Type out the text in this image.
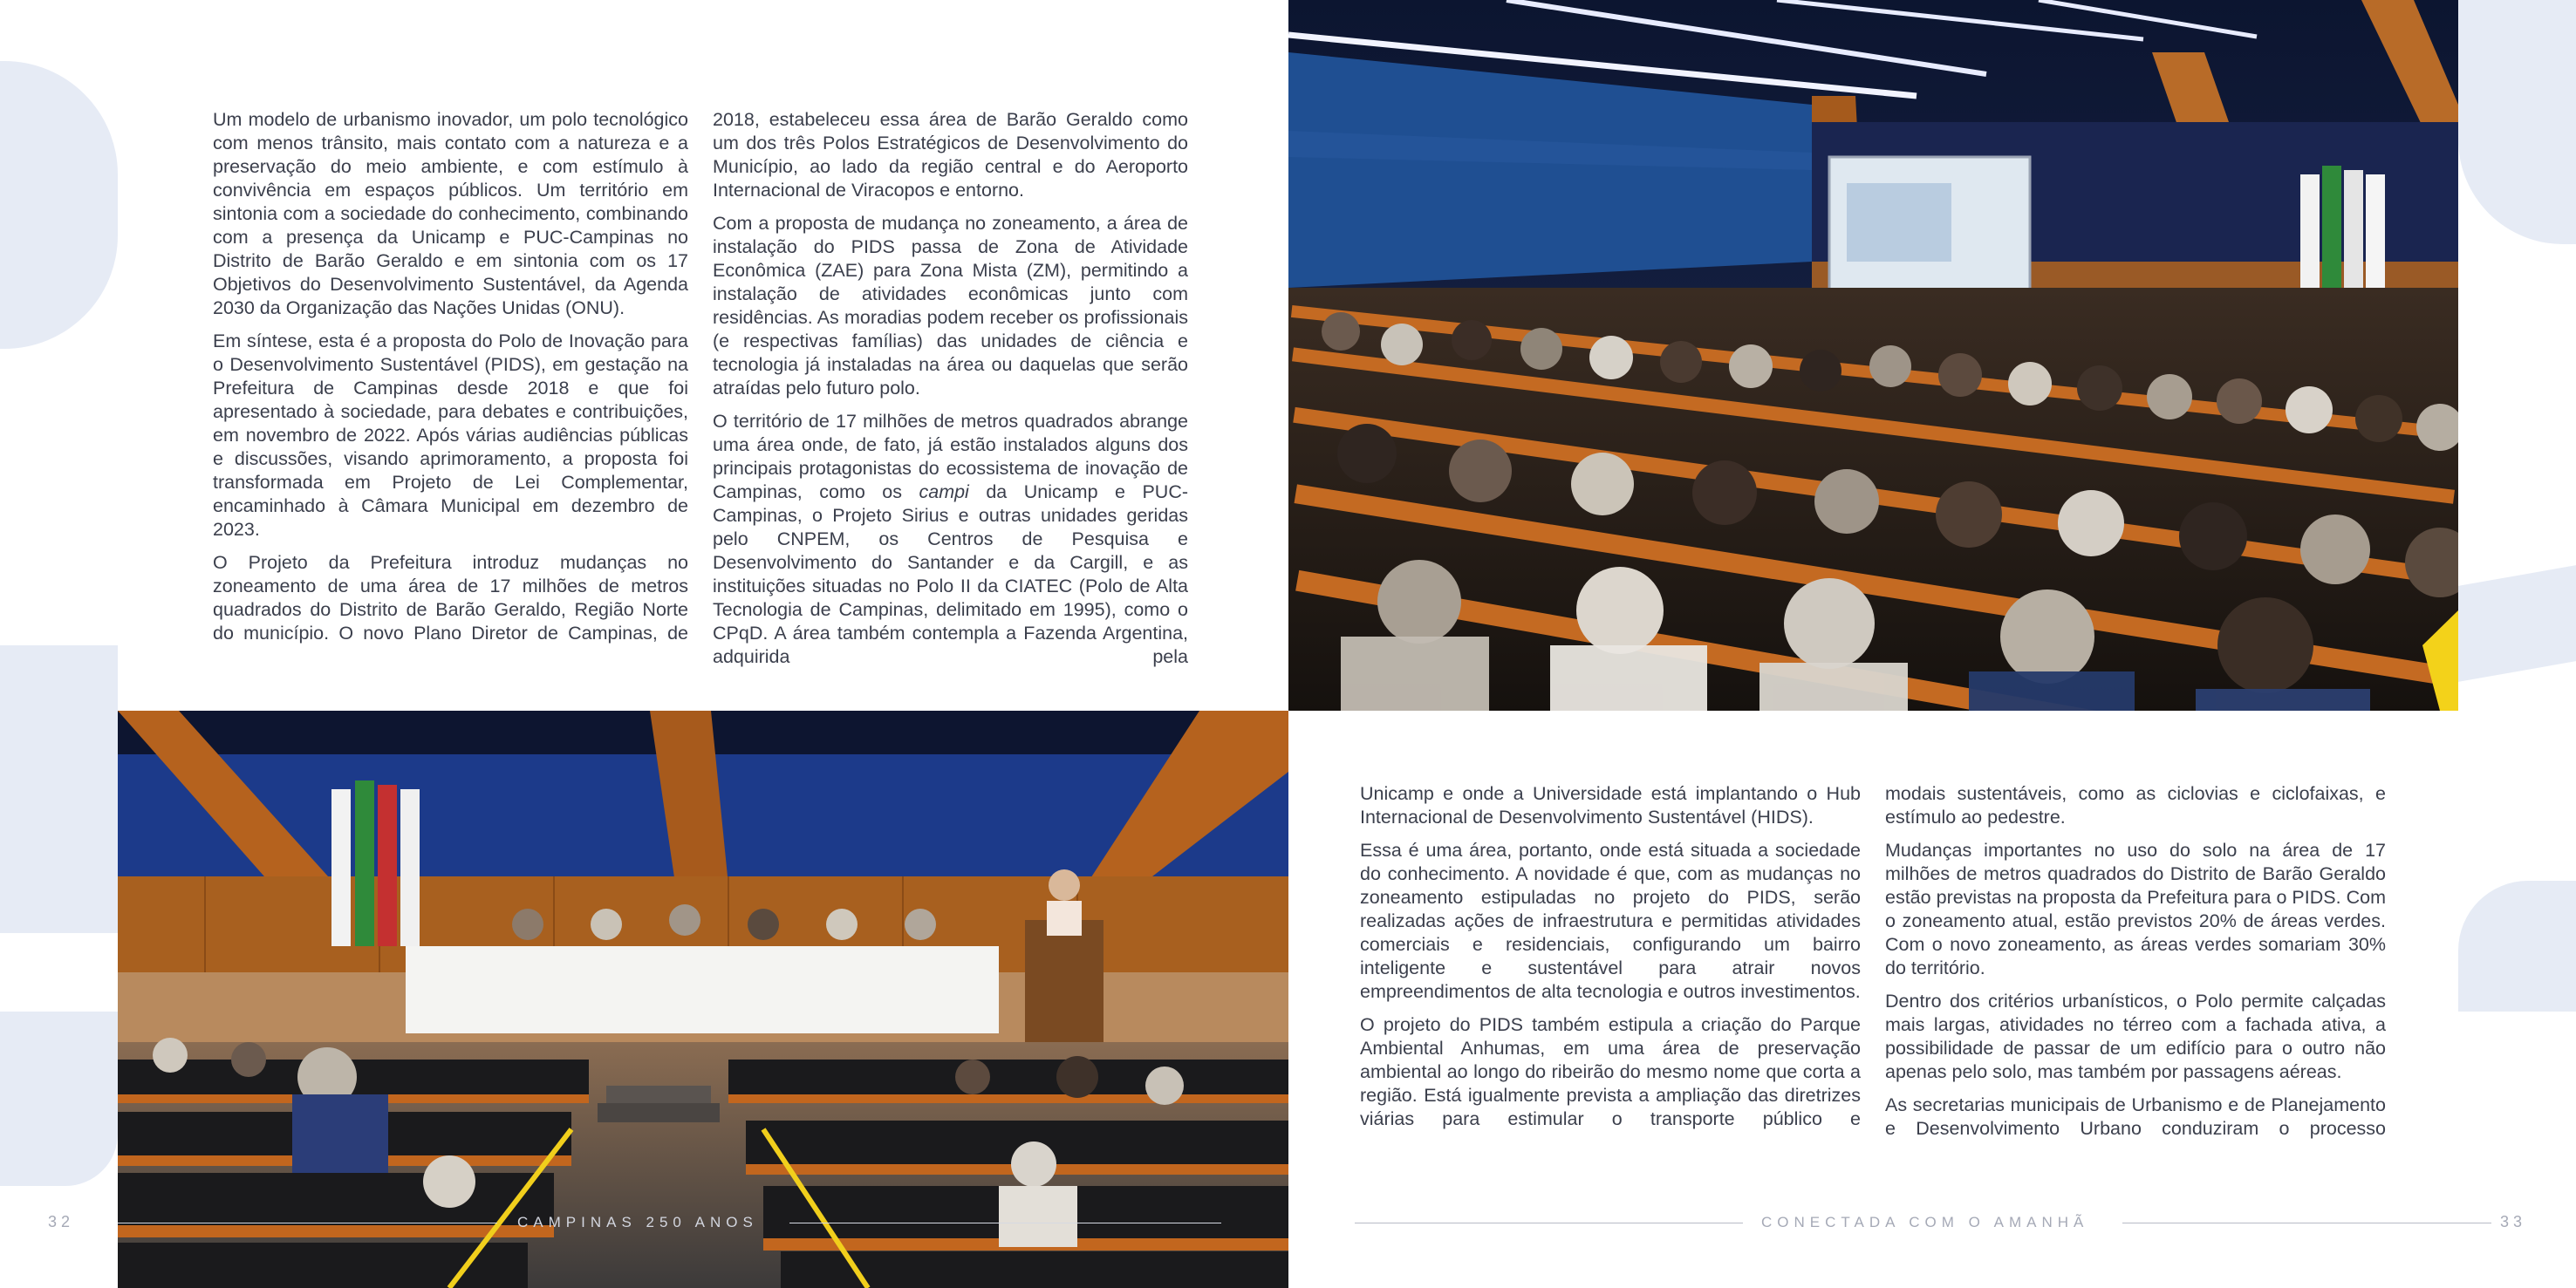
Um modelo de urbanismo inovador, um polo tecnológico com menos trânsito, mais contato com a natureza e a preservação do meio ambiente, e com estímulo à convivência em espaços públicos. Um território em sintonia com a sociedade do conhecimento, combinando com a presença da Unicamp e PUC-Campinas no Distrito de Barão Geraldo e em sintonia com os 17 Objetivos do Desenvolvimento Sustentável, da Agenda 2030 da Organização das Nações Unidas (ONU).

Em síntese, esta é a proposta do Polo de Inovação para o Desenvolvimento Sustentável (PIDS), em gestação na Prefeitura de Campinas desde 2018 e que foi apresentado à sociedade, para debates e contribuições, em novembro de 2022. Após várias audiências públicas e discussões, visando aprimoramento, a proposta foi transformada em Projeto de Lei Complementar, encaminhado à Câmara Municipal em dezembro de 2023.

O Projeto da Prefeitura introduz mudanças no zoneamento de uma área de 17 milhões de metros quadrados do Distrito de Barão Geraldo, Região Norte do município. O novo Plano Diretor de Campinas, de

2018, estabeleceu essa área de Barão Geraldo como um dos três Polos Estratégicos de Desenvolvimento do Município, ao lado da região central e do Aeroporto Internacional de Viracopos e entorno.

Com a proposta de mudança no zoneamento, a área de instalação do PIDS passa de Zona de Atividade Econômica (ZAE) para Zona Mista (ZM), permitindo a instalação de atividades econômicas junto com residências. As moradias podem receber os profissionais (e respectivas famílias) das unidades de ciência e tecnologia já instaladas na área ou daquelas que serão atraídas pelo futuro polo.

O território de 17 milhões de metros quadrados abrange uma área onde, de fato, já estão instalados alguns dos principais protagonistas do ecossistema de inovação de Campinas, como os campi da Unicamp e PUC-Campinas, o Projeto Sirius e outras unidades geridas pelo CNPEM, os Centros de Pesquisa e Desenvolvimento do Santander e da Cargill, e as instituições situadas no Polo II da CIATEC (Polo de Alta Tecnologia de Campinas, delimitado em 1995), como o CPqD. A área também contempla a Fazenda Argentina, adquirida pela

Unicamp e onde a Universidade está implantando o Hub Internacional de Desenvolvimento Sustentável (HIDS).

Essa é uma área, portanto, onde está situada a sociedade do conhecimento. A novidade é que, com as mudanças no zoneamento estipuladas no projeto do PIDS, serão realizadas ações de infraestrutura e permitidas atividades comerciais e residenciais, configurando um bairro inteligente e sustentável para atrair novos empreendimentos de alta tecnologia e outros investimentos.

O projeto do PIDS também estipula a criação do Parque Ambiental Anhumas, em uma área de preservação ambiental ao longo do ribeirão do mesmo nome que corta a região. Está igualmente prevista a ampliação das diretrizes viárias para estimular o transporte público e

modais sustentáveis, como as ciclovias e ciclofaixas, e estímulo ao pedestre.

Mudanças importantes no uso do solo na área de 17 milhões de metros quadrados do Distrito de Barão Geraldo estão previstas na proposta da Prefeitura para o PIDS. Com o zoneamento atual, estão previstos 20% de áreas verdes. Com o novo zoneamento, as áreas verdes somariam 30% do território.

Dentro dos critérios urbanísticos, o Polo permite calçadas mais largas, atividades no térreo com a fachada ativa, a possibilidade de passar de um edifício para o outro não apenas pelo solo, mas também por passagens aéreas.

As secretarias municipais de Urbanismo e de Planejamento e Desenvolvimento Urbano conduziram o processo

32	CAMPINAS 250 ANOS	CONECTADA COM O AMANHÃ	33
